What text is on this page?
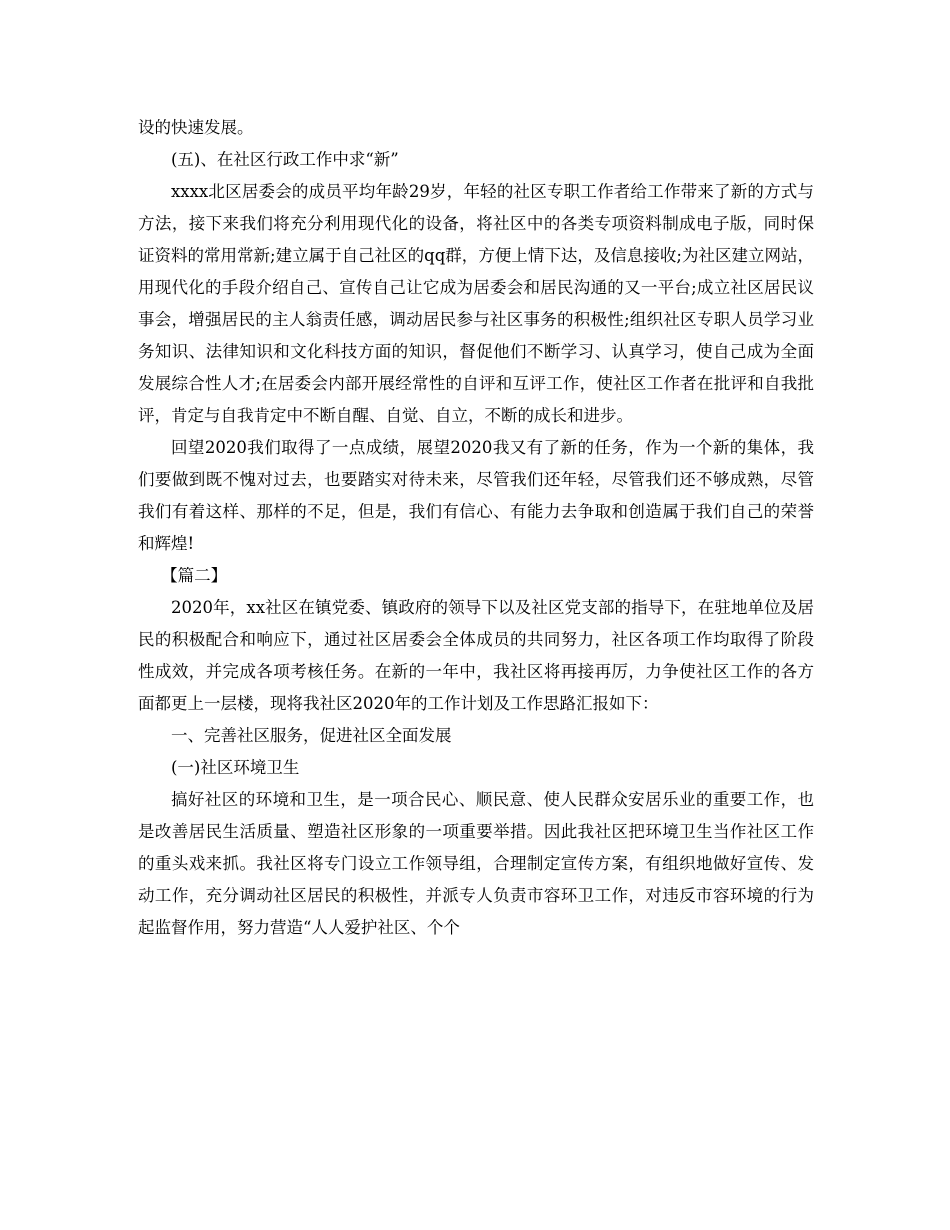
设的快速发展。

(五)、在社区行政工作中求“新”

xxxx北区居委会的成员平均年龄29岁，年轻的社区专职工作者给工作带来了新的方式与方法，接下来我们将充分利用现代化的设备，将社区中的各类专项资料制成电子版，同时保证资料的常用常新;建立属于自己社区的qq群，方便上情下达，及信息接收;为社区建立网站，用现代化的手段介绍自己、宣传自己让它成为居委会和居民沟通的又一平台;成立社区居民议事会，增强居民的主人翁责任感，调动居民参与社区事务的积极性;组织社区专职人员学习业务知识、法律知识和文化科技方面的知识，督促他们不断学习、认真学习，使自己成为全面发展综合性人才;在居委会内部开展经常性的自评和互评工作，使社区工作者在批评和自我批评，肯定与自我肯定中不断自醒、自觉、自立，不断的成长和进步。

回望2020我们取得了一点成绩，展望2020我又有了新的任务，作为一个新的集体，我们要做到既不愧对过去，也要踏实对待未来，尽管我们还年轻，尽管我们还不够成熟，尽管我们有着这样、那样的不足，但是，我们有信心、有能力去争取和创造属于我们自己的荣誉和辉煌!

【篇二】

2020年，xx社区在镇党委、镇政府的领导下以及社区党支部的指导下，在驻地单位及居民的积极配合和响应下，通过社区居委会全体成员的共同努力，社区各项工作均取得了阶段性成效，并完成各项考核任务。在新的一年中，我社区将再接再厉，力争使社区工作的各方面都更上一层楼，现将我社区2020年的工作计划及工作思路汇报如下：

一、完善社区服务，促进社区全面发展

(一)社区环境卫生

搞好社区的环境和卫生，是一项合民心、顺民意、使人民群众安居乐业的重要工作，也是改善居民生活质量、塑造社区形象的一项重要举措。因此我社区把环境卫生当作社区工作的重头戏来抓。我社区将专门设立工作领导组，合理制定宣传方案，有组织地做好宣传、发动工作，充分调动社区居民的积极性，并派专人负责市容环卫工作，对违反市容环境的行为起监督作用，努力营造“人人爱护社区、个个
